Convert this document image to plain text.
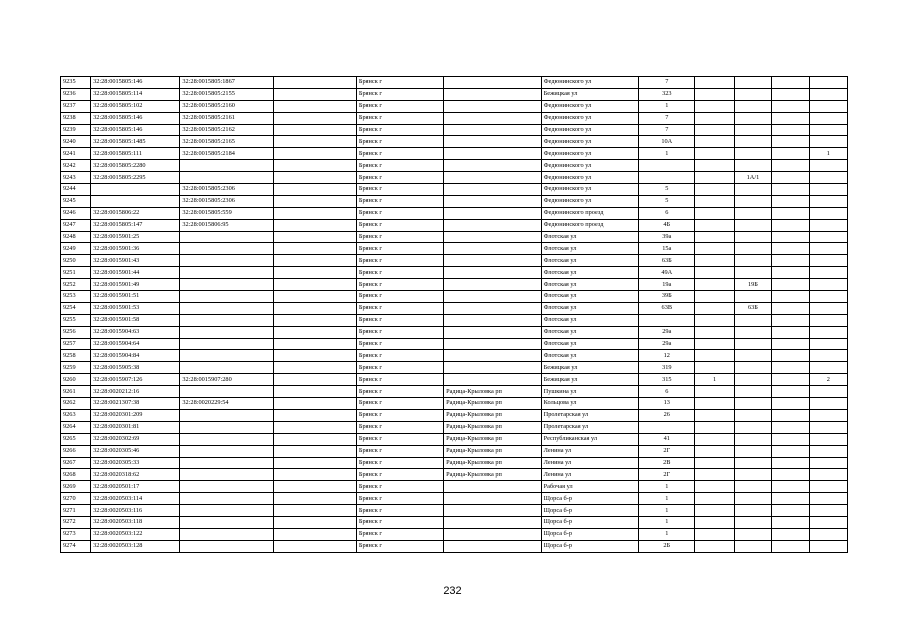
9235	32:28:0015805:146	32:28:0015805:1867		Брянск г		Федюнинского ул	7				
9236	32:28:0015805:114	32:28:0015805:2155		Брянск г		Бежицкая ул	323				
9237	32:28:0015805:102	32:28:0015805:2160		Брянск г		Федюнинского ул	1				
9238	32:28:0015805:146	32:28:0015805:2161		Брянск г		Федюнинского ул	7				
9239	32:28:0015805:146	32:28:0015805:2162		Брянск г		Федюнинского ул	7				
9240	32:28:0015805:1485	32:28:0015805:2165		Брянск г		Федюнинского ул	10А				
9241	32:28:0015805:111	32:28:0015805:2184		Брянск г		Федюнинского ул	1				1
9242	32:28:0015805:2280			Брянск г		Федюнинского ул					
9243	32:28:0015805:2295			Брянск г		Федюнинского ул			1А/1		
9244		32:28:0015805:2306		Брянск г		Федюнинского ул	5				
9245		32:28:0015805:2306		Брянск г		Федюнинского ул	5				
9246	32:28:0015806:22	32:28:0015805:559		Брянск г		Федюнинского проезд	6				
9247	32:28:0015805:147	32:28:0015806:95		Брянск г		Федюнинского проезд	4Б				
9248	32:28:0015901:25			Брянск г		Флотская ул	39а				
9249	32:28:0015901:36			Брянск г		Флотская ул	15а				
9250	32:28:0015901:43			Брянск г		Флотская ул	63Б				
9251	32:28:0015901:44			Брянск г		Флотская ул	49А				
9252	32:28:0015901:49			Брянск г		Флотская ул	19а		19Б		
9253	32:28:0015901:51			Брянск г		Флотская ул	39Б				
9254	32:28:0015901:53			Брянск г		Флотская ул	63В		63Б		
9255	32:28:0015901:58			Брянск г		Флотская ул					
9256	32:28:0015904:63			Брянск г		Флотская ул	29а				
9257	32:28:0015904:64			Брянск г		Флотская ул	29а				
9258	32:28:0015904:84			Брянск г		Флотская ул	12				
9259	32:28:0015905:38			Брянск г		Бежицкая ул	319				
9260	32:28:0015907:126	32:28:0015907:280		Брянск г		Бежицкая ул	315	1			2
9261	32:28:0020212:16			Брянск г	Радица-Крыловка рп	Пушкина ул	6				
9262	32:28:0021307:38	32:28:0020229:54		Брянск г	Радица-Крыловка рп	Кольцова ул	13				
9263	32:28:0020301:209			Брянск г	Радица-Крыловка рп	Пролетарская ул	26				
9264	32:28:0020301:81			Брянск г	Радица-Крыловка рп	Пролетарская ул					
9265	32:28:0020302:69			Брянск г	Радица-Крыловка рп	Республиканская ул	41				
9266	32:28:0020305:46			Брянск г	Радица-Крыловка рп	Ленина ул	2Г				
9267	32:28:0020305:33			Брянск г	Радица-Крыловка рп	Ленина ул	2В				
9268	32:28:0020318:62			Брянск г	Радица-Крыловка рп	Ленина ул	2Г				
9269	32:28:0020501:17			Брянск г		Рабочая ул	1				
9270	32:28:0020503:114			Брянск г		Щорса б-р	1				
9271	32:28:0020503:116			Брянск г		Щорса б-р	1				
9272	32:28:0020503:118			Брянск г		Щорса б-р	1				
9273	32:28:0020503:122			Брянск г		Щорса б-р	1				
9274	32:28:0020503:128			Брянск г		Щорса б-р	2Б				
232
